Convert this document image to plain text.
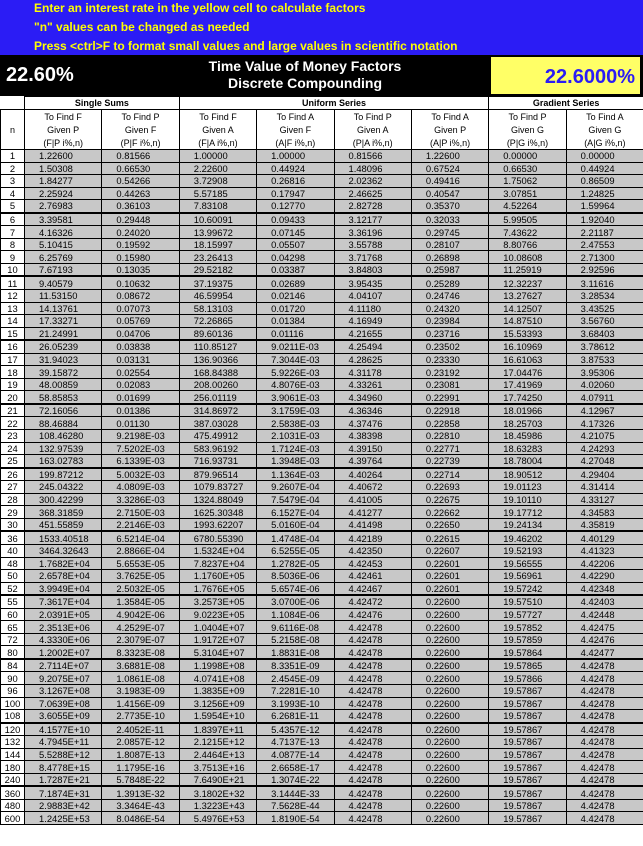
Enter an interest rate in the yellow cell to calculate factors
"n" values can be changed as needed
Press <ctrl>F to format small values and large values in scientific notation
22.60%	Time Value of Money Factors
Discrete Compounding	22.6000%
	Single Sums		Uniform Series				Gradient Series	
n	To Find F	To Find P	To Find F	To Find A	To Find P	To Find A	To Find P	To Find A
	Given P	Given F	Given A	Given F	Given A	Given P	Given G	Given G
	(F|P i%,n)	(P|F i%,n)	(F|A i%,n)	(A|F i%,n)	(P|A i%,n)	(A|P i%,n)	(P|G i%,n)	(A|G i%,n)
1	1.22600	0.81566	1.00000	1.00000	0.81566	1.22600	0.00000	0.00000
2	1.50308	0.66530	2.22600	0.44924	1.48096	0.67524	0.66530	0.44924
3	1.84277	0.54266	3.72908	0.26816	2.02362	0.49416	1.75062	0.86509
4	2.25924	0.44263	5.57185	0.17947	2.46625	0.40547	3.07851	1.24825
5	2.76983	0.36103	7.83108	0.12770	2.82728	0.35370	4.52264	1.59964
6	3.39581	0.29448	10.60091	0.09433	3.12177	0.32033	5.99505	1.92040
7	4.16326	0.24020	13.99672	0.07145	3.36196	0.29745	7.43622	2.21187
8	5.10415	0.19592	18.15997	0.05507	3.55788	0.28107	8.80766	2.47553
9	6.25769	0.15980	23.26413	0.04298	3.71768	0.26898	10.08608	2.71300
10	7.67193	0.13035	29.52182	0.03387	3.84803	0.25987	11.25919	2.92596
11	9.40579	0.10632	37.19375	0.02689	3.95435	0.25289	12.32237	3.11616
12	11.53150	0.08672	46.59954	0.02146	4.04107	0.24746	13.27627	3.28534
13	14.13761	0.07073	58.13103	0.01720	4.11180	0.24320	14.12507	3.43525
14	17.33271	0.05769	72.26865	0.01384	4.16949	0.23984	14.87510	3.56760
15	21.24991	0.04706	89.60136	0.01116	4.21655	0.23716	15.53393	3.68403
16	26.05239	0.03838	110.85127	9.0211E-03	4.25494	0.23502	16.10969	3.78612
17	31.94023	0.03131	136.90366	7.3044E-03	4.28625	0.23330	16.61063	3.87533
18	39.15872	0.02554	168.84388	5.9226E-03	4.31178	0.23192	17.04476	3.95306
19	48.00859	0.02083	208.00260	4.8076E-03	4.33261	0.23081	17.41969	4.02060
20	58.85853	0.01699	256.01119	3.9061E-03	4.34960	0.22991	17.74250	4.07911
21	72.16056	0.01386	314.86972	3.1759E-03	4.36346	0.22918	18.01966	4.12967
22	88.46884	0.01130	387.03028	2.5838E-03	4.37476	0.22858	18.25703	4.17326
23	108.46280	9.2198E-03	475.49912	2.1031E-03	4.38398	0.22810	18.45986	4.21075
24	132.97539	7.5202E-03	583.96192	1.7124E-03	4.39150	0.22771	18.63283	4.24293
25	163.02783	6.1339E-03	716.93731	1.3948E-03	4.39764	0.22739	18.78004	4.27048
26	199.87212	5.0032E-03	879.96514	1.1364E-03	4.40264	0.22714	18.90512	4.29404
27	245.04322	4.0809E-03	1079.83727	9.2607E-04	4.40672	0.22693	19.01123	4.31414
28	300.42299	3.3286E-03	1324.88049	7.5479E-04	4.41005	0.22675	19.10110	4.33127
29	368.31859	2.7150E-03	1625.30348	6.1527E-04	4.41277	0.22662	19.17712	4.34583
30	451.55859	2.2146E-03	1993.62207	5.0160E-04	4.41498	0.22650	19.24134	4.35819
36	1533.40518	6.5214E-04	6780.55390	1.4748E-04	4.42189	0.22615	19.46202	4.40129
40	3464.32643	2.8866E-04	1.5324E+04	6.5255E-05	4.42350	0.22607	19.52193	4.41323
48	1.7682E+04	5.6553E-05	7.8237E+04	1.2782E-05	4.42453	0.22601	19.56555	4.42206
50	2.6578E+04	3.7625E-05	1.1760E+05	8.5036E-06	4.42461	0.22601	19.56961	4.42290
52	3.9949E+04	2.5032E-05	1.7676E+05	5.6574E-06	4.42467	0.22601	19.57242	4.42348
55	7.3617E+04	1.3584E-05	3.2573E+05	3.0700E-06	4.42472	0.22600	19.57510	4.42403
60	2.0391E+05	4.9042E-06	9.0223E+05	1.1084E-06	4.42476	0.22600	19.57727	4.42448
65	2.3513E+06	4.2529E-07	1.0404E+07	9.6116E-08	4.42478	0.22600	19.57852	4.42475
72	4.3330E+06	2.3079E-07	1.9172E+07	5.2158E-08	4.42478	0.22600	19.57859	4.42476
80	1.2002E+07	8.3323E-08	5.3104E+07	1.8831E-08	4.42478	0.22600	19.57864	4.42477
84	2.7114E+07	3.6881E-08	1.1998E+08	8.3351E-09	4.42478	0.22600	19.57865	4.42478
90	9.2075E+07	1.0861E-08	4.0741E+08	2.4545E-09	4.42478	0.22600	19.57866	4.42478
96	3.1267E+08	3.1983E-09	1.3835E+09	7.2281E-10	4.42478	0.22600	19.57867	4.42478
100	7.0639E+08	1.4156E-09	3.1256E+09	3.1993E-10	4.42478	0.22600	19.57867	4.42478
108	3.6055E+09	2.7735E-10	1.5954E+10	6.2681E-11	4.42478	0.22600	19.57867	4.42478
120	4.1577E+10	2.4052E-11	1.8397E+11	5.4357E-12	4.42478	0.22600	19.57867	4.42478
132	4.7945E+11	2.0857E-12	2.1215E+12	4.7137E-13	4.42478	0.22600	19.57867	4.42478
144	5.5288E+12	1.8087E-13	2.4464E+13	4.0877E-14	4.42478	0.22600	19.57867	4.42478
180	8.4778E+15	1.1795E-16	3.7513E+16	2.6658E-17	4.42478	0.22600	19.57867	4.42478
240	1.7287E+21	5.7848E-22	7.6490E+21	1.3074E-22	4.42478	0.22600	19.57867	4.42478
360	7.1874E+31	1.3913E-32	3.1802E+32	3.1444E-33	4.42478	0.22600	19.57867	4.42478
480	2.9883E+42	3.3464E-43	1.3223E+43	7.5628E-44	4.42478	0.22600	19.57867	4.42478
600	1.2425E+53	8.0486E-54	5.4976E+53	1.8190E-54	4.42478	0.22600	19.57867	4.42478
